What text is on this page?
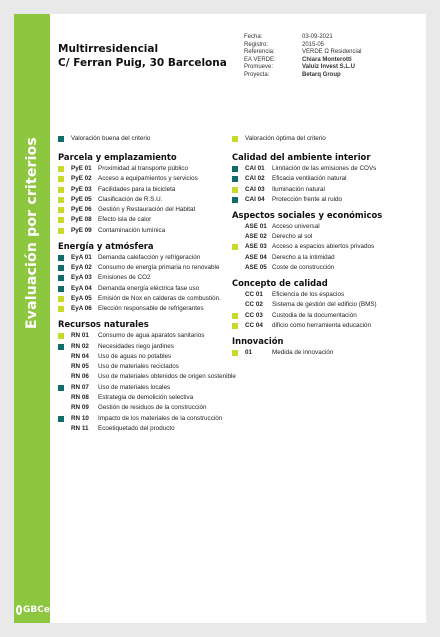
Evaluación por criterios
GBCe
Multirresidencial
C/ Ferran Puig, 30 Barcelona
Fecha:	03-09-2021
Registro:	2015-05
Referencia:	VERDE Ω Residencial
EA VERDE:	Chiara Monterotti
Promueve:	Valuiz Invest S.L.U
Proyecta:	Betarq Group
Valoración buena del criterio
Parcela y emplazamiento
PyE 01	Proximidad al transporte público
PyE 02	Acceso a equipamientos y servicios
PyE 03	Facilidades para la bicicleta
PyE 05	Clasificación de R.S.U.
PyE 06	Gestión y Restauración del Habitat
PyE 08	Efecto isla de calor
PyE 09	Contaminación lumínica
Energía y atmósfera
EyA 01 Demanda calefacción y refrigeración
EyA 02 Consumo de energía primaria no renovable
EyA 03 Emisiones de CO2
EyA 04 Demanda energía eléctrica fase uso
EyA 05 Emisión de Nox en calderas de combustión.
EyA 06 Elección responsable de refrigerantes
Recursos naturales
RN 01	Consumo de agua aparatos sanitarios
RN 02	Necesidades riego jardines
RN 04	Uso de aguas no potables
RN 05	Uso de materiales reciclados
RN 06	Uso de materiales obtenidos de origen sostenible
RN 07	Uso de materiales locales
RN 08	Estrategia de demolición selectiva
RN 09	Gestión de residuos de la construcción
RN 10	Impacto de los materiales de la construcción
RN 11	Ecoetiquetado del producto
Valoración óptima del criterio
Calidad del ambiente interior
CAI 01	Limitación de las emisiones de COVs
CAI 02	Eficacia ventilación natural
CAI 03	Iluminación natural
CAI 04	Protección frente al ruido
Aspectos sociales y económicos
ASE 01 Acceso universal
ASE 02 Derecho al sol
ASE 03 Acceso a espacios abiertos privados
ASE 04 Derecho a la intimidad
ASE 05 Coste de construcción
Concepto de calidad
CC 01	Eficiencia de los espacios
CC 02	Sistema de gestión del edificio (BMS)
CC 03	Custodia de la documentación
CC 04	dificio como herramienta educación
Innovación
01	Medida de innovación
